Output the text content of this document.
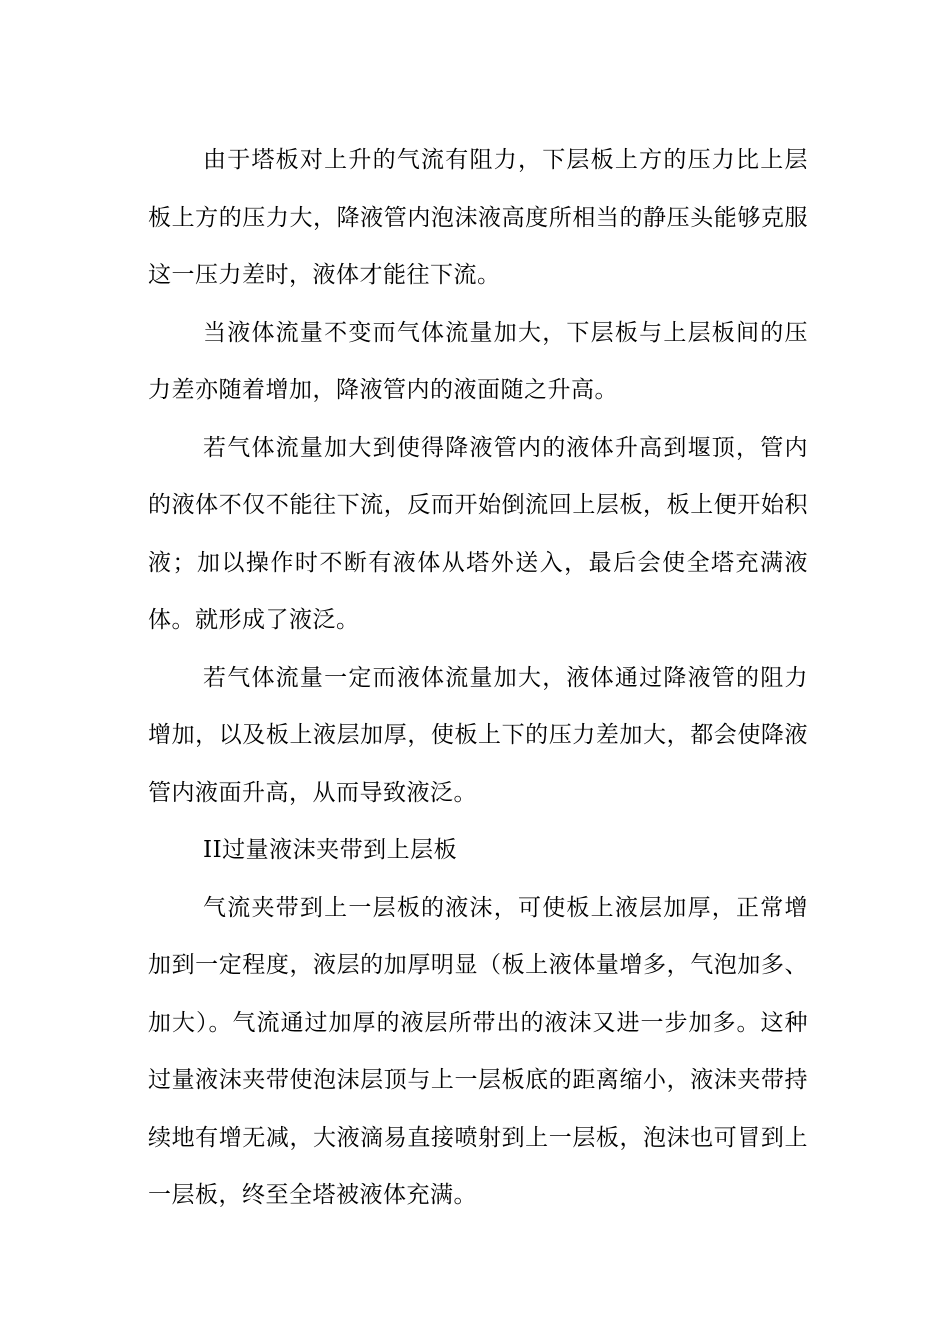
由于塔板对上升的气流有阻力，下层板上方的压力比上层板上方的压力大，降液管内泡沫液高度所相当的静压头能够克服这一压力差时，液体才能往下流。

当液体流量不变而气体流量加大，下层板与上层板间的压力差亦随着增加，降液管内的液面随之升高。

若气体流量加大到使得降液管内的液体升高到堰顶，管内的液体不仅不能往下流，反而开始倒流回上层板，板上便开始积液；加以操作时不断有液体从塔外送入，最后会使全塔充满液体。就形成了液泛。

若气体流量一定而液体流量加大，液体通过降液管的阻力增加，以及板上液层加厚，使板上下的压力差加大，都会使降液管内液面升高，从而导致液泛。

II过量液沫夹带到上层板

气流夹带到上一层板的液沫，可使板上液层加厚，正常增加到一定程度，液层的加厚明显（板上液体量增多，气泡加多、加大）。气流通过加厚的液层所带出的液沫又进一步加多。这种过量液沫夹带使泡沫层顶与上一层板底的距离缩小，液沫夹带持续地有增无减，大液滴易直接喷射到上一层板，泡沫也可冒到上一层板，终至全塔被液体充满。
